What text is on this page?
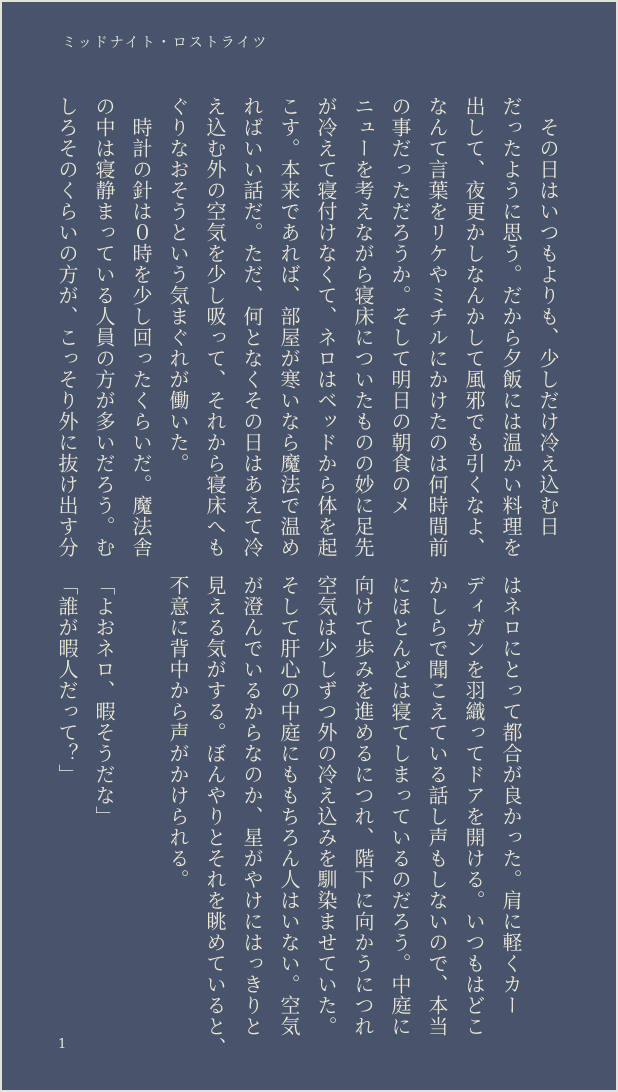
ミッドナイト・ロストライツ
　その日はいつもよりも、少しだけ冷え込む日
だったように思う。だから夕飯には温かい料理を
出して、夜更かしなんかして風邪でも引くなよ、
なんて言葉をリケやミチルにかけたのは何時間前
の事だっただろうか。そして明日の朝食のメ
ニューを考えながら寝床についたものの妙に足先
が冷えて寝付けなくて、ネロはベッドから体を起
こす。本来であれば、部屋が寒いなら魔法で温め
ればいい話だ。ただ、何となくその日はあえて冷
え込む外の空気を少し吸って、それから寝床へも
ぐりなおそうという気まぐれが働いた。
　時計の針は０時を少し回ったくらいだ。魔法舎
の中は寝静まっている人員の方が多いだろう。む
しろそのくらいの方が、こっそり外に抜け出す分
はネロにとって都合が良かった。肩に軽くカー
ディガンを羽織ってドアを開ける。いつもはどこ
かしらで聞こえている話し声もしないので、本当
にほとんどは寝てしまっているのだろう。中庭に
向けて歩みを進めるにつれ、階下に向かうにつれ
空気は少しずつ外の冷え込みを馴染ませていた。
そして肝心の中庭にももちろん人はいない。空気
が澄んでいるからなのか、星がやけにはっきりと
見える気がする。ぼんやりとそれを眺めていると、
不意に背中から声がかけられる。

「よおネロ、暇そうだな」
「誰が暇人だって？」
1
